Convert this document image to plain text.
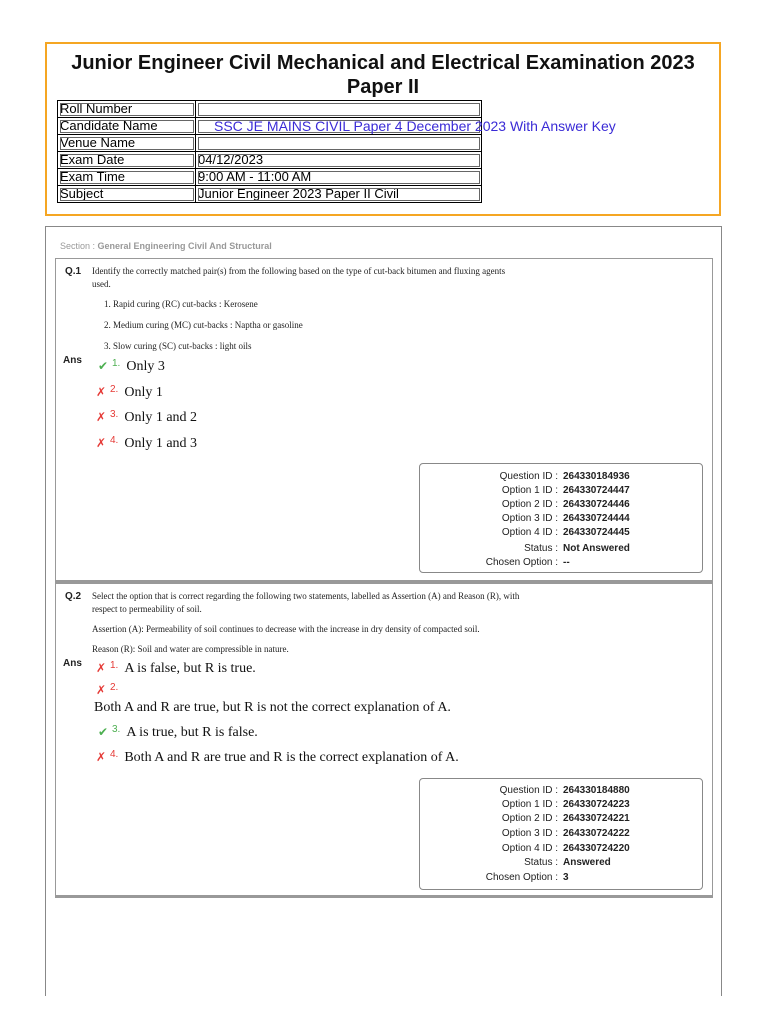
Junior Engineer Civil Mechanical and Electrical Examination 2023
Paper II
Roll Number	
Candidate Name	
Venue Name	
Exam Date	04/12/2023
Exam Time	9:00 AM - 11:00 AM
Subject	Junior Engineer 2023 Paper II Civil
SSC JE MAINS CIVIL Paper 4 December 2023 With Answer Key
Section : General Engineering Civil And Structural
Q.1 Identify the correctly matched pair(s) from the following based on the type of cut-back bitumen and fluxing agents
used.
1. Rapid curing (RC) cut-backs : Kerosene
2. Medium curing (MC) cut-backs : Naptha or gasoline
3. Slow curing (SC) cut-backs : light oils
Ans ✔ $^{1.}$ Only 3
✗ $^{2.}$ Only 1
✗ $^{3.}$ Only 1 and 2
✗ $^{4.}$ Only 1 and 3
Question ID : 264330184936
Option 1 ID : 264330724447
Option 2 ID : 264330724446
Option 3 ID : 264330724444
Option 4 ID : 264330724445
Status : Not Answered
Chosen Option : --
Q.2 Select the option that is correct regarding the following two statements, labelled as Assertion (A) and Reason (R), with
respect to permeability of soil.
Assertion (A): Permeability of soil continues to decrease with the increase in dry density of compacted soil.
Reason (R): Soil and water are compressible in nature.
Ans ✗ $^{1.}$ A is false, but R is true.
✗ $^{2.}$
Both A and R are true, but R is not the correct explanation of A.
✔ $^{3.}$ A is true, but R is false.
✗ $^{4.}$ Both A and R are true and R is the correct explanation of A.
Question ID : 264330184880
Option 1 ID : 264330724223
Option 2 ID : 264330724221
Option 3 ID : 264330724222
Option 4 ID : 264330724220
Status : Answered
Chosen Option : 3
